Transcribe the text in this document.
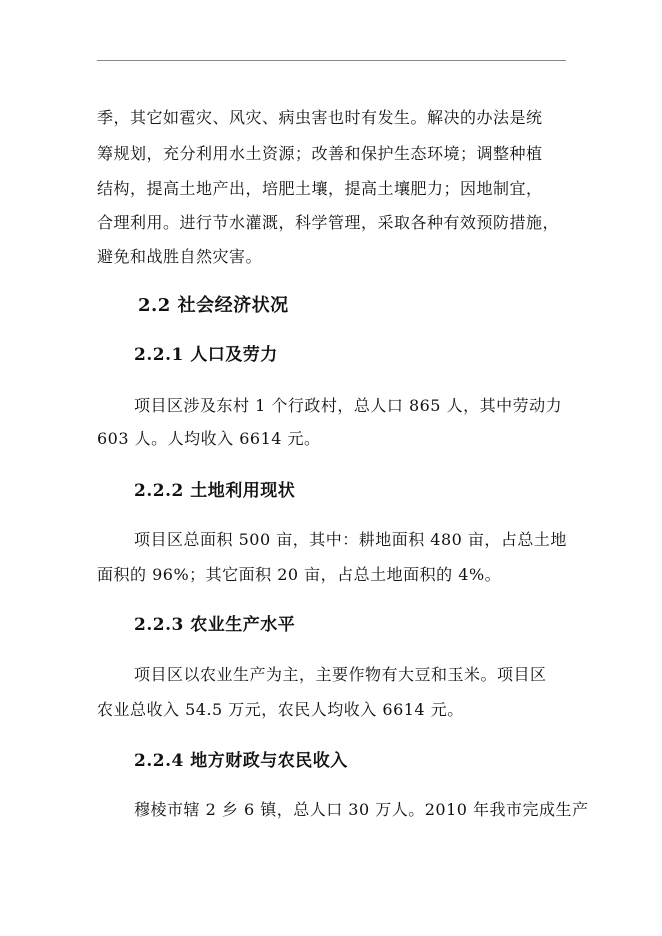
季，其它如雹灾、风灾、病虫害也时有发生。解决的办法是统
筹规划，充分利用水土资源；改善和保护生态环境；调整种植
结构，提高土地产出，培肥土壤，提高土壤肥力；因地制宜，
合理利用。进行节水灌溉，科学管理，采取各种有效预防措施，
避免和战胜自然灾害。
2.2 社会经济状况
2.2.1 人口及劳力
项目区涉及东村 1 个行政村，总人口 865 人，其中劳动力
603 人。人均收入 6614 元。
2.2.2 土地利用现状
项目区总面积 500 亩，其中：耕地面积 480 亩，占总土地
面积的 96%；其它面积 20 亩，占总土地面积的 4%。
2.2.3 农业生产水平
项目区以农业生产为主，主要作物有大豆和玉米。项目区
农业总收入 54.5 万元，农民人均收入 6614 元。
2.2.4 地方财政与农民收入
穆棱市辖 2 乡 6 镇，总人口 30 万人。2010 年我市完成生产
